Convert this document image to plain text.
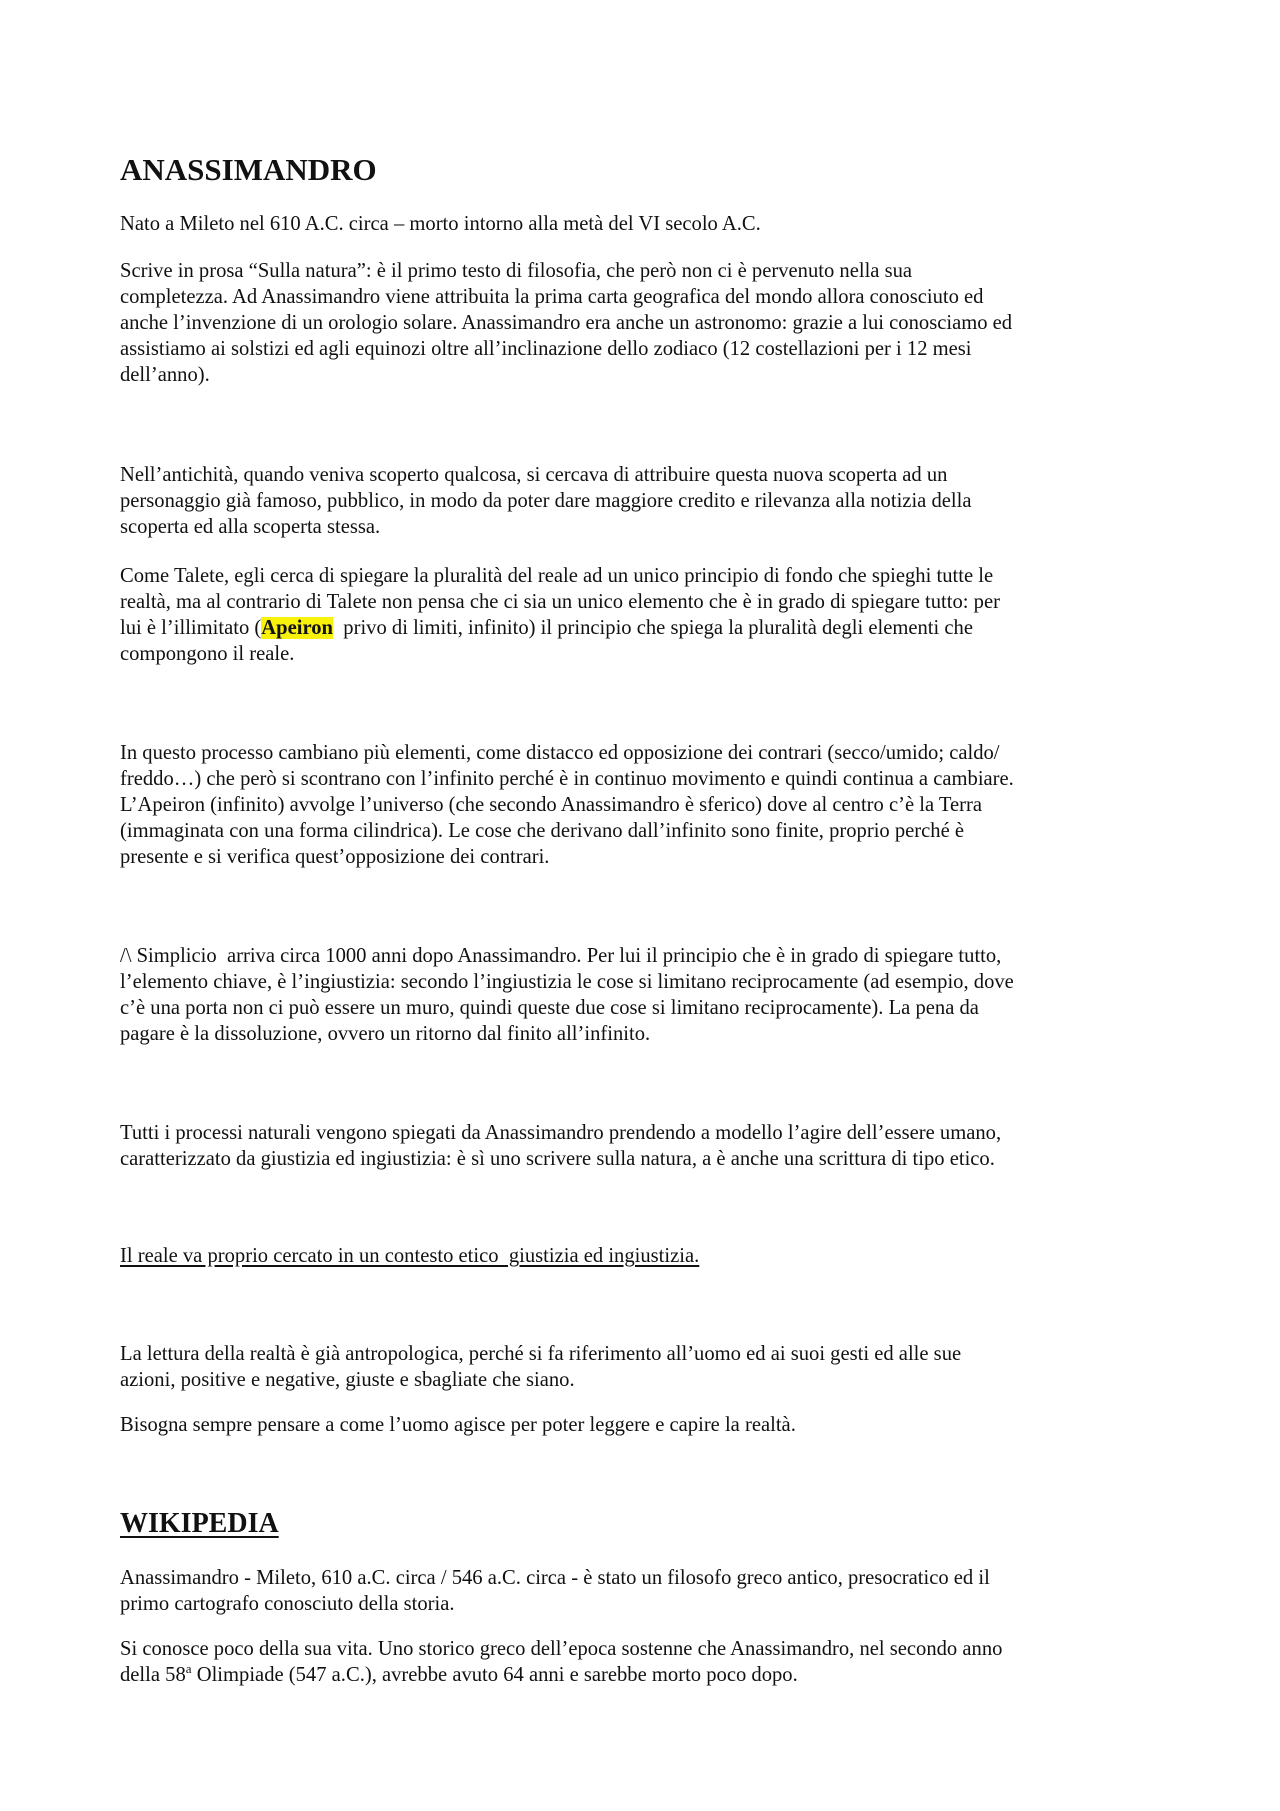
ANASSIMANDRO

Nato a Mileto nel 610 A.C. circa – morto intorno alla metà del VI secolo A.C.

Scrive in prosa “Sulla natura”: è il primo testo di filosofia, che però non ci è pervenuto nella sua
completezza. Ad Anassimandro viene attribuita la prima carta geografica del mondo allora conosciuto ed
anche l’invenzione di un orologio solare. Anassimandro era anche un astronomo: grazie a lui conosciamo ed
assistiamo ai solstizi ed agli equinozi oltre all’inclinazione dello zodiaco (12 costellazioni per i 12 mesi
dell’anno).
Nell’antichità, quando veniva scoperto qualcosa, si cercava di attribuire questa nuova scoperta ad un
personaggio già famoso, pubblico, in modo da poter dare maggiore credito e rilevanza alla notizia della
scoperta ed alla scoperta stessa.
Come Talete, egli cerca di spiegare la pluralità del reale ad un unico principio di fondo che spieghi tutte le
realtà, ma al contrario di Talete non pensa che ci sia un unico elemento che è in grado di spiegare tutto: per
lui è l’illimitato (Apeiron  privo di limiti, infinito) il principio che spiega la pluralità degli elementi che
compongono il reale.
In questo processo cambiano più elementi, come distacco ed opposizione dei contrari (secco/umido; caldo/
freddo…) che però si scontrano con l’infinito perché è in continuo movimento e quindi continua a cambiare.
L’Apeiron (infinito) avvolge l’universo (che secondo Anassimandro è sferico) dove al centro c’è la Terra
(immaginata con una forma cilindrica). Le cose che derivano dall’infinito sono finite, proprio perché è
presente e si verifica quest’opposizione dei contrari.
/\ Simplicio  arriva circa 1000 anni dopo Anassimandro. Per lui il principio che è in grado di spiegare tutto,
l’elemento chiave, è l’ingiustizia: secondo l’ingiustizia le cose si limitano reciprocamente (ad esempio, dove
c’è una porta non ci può essere un muro, quindi queste due cose si limitano reciprocamente). La pena da
pagare è la dissoluzione, ovvero un ritorno dal finito all’infinito.
Tutti i processi naturali vengono spiegati da Anassimandro prendendo a modello l’agire dell’essere umano,
caratterizzato da giustizia ed ingiustizia: è sì uno scrivere sulla natura, a è anche una scrittura di tipo etico.

Il reale va proprio cercato in un contesto etico  giustizia ed ingiustizia.

La lettura della realtà è già antropologica, perché si fa riferimento all’uomo ed ai suoi gesti ed alle sue
azioni, positive e negative, giuste e sbagliate che siano.

Bisogna sempre pensare a come l’uomo agisce per poter leggere e capire la realtà.

WIKIPEDIA
Anassimandro - Mileto, 610 a.C. circa / 546 a.C. circa - è stato un filosofo greco antico, presocratico ed il
primo cartografo conosciuto della storia.
Si conosce poco della sua vita. Uno storico greco dell’epoca sostenne che Anassimandro, nel secondo anno
della 58$^a$ Olimpiade (547 a.C.), avrebbe avuto 64 anni e sarebbe morto poco dopo.
